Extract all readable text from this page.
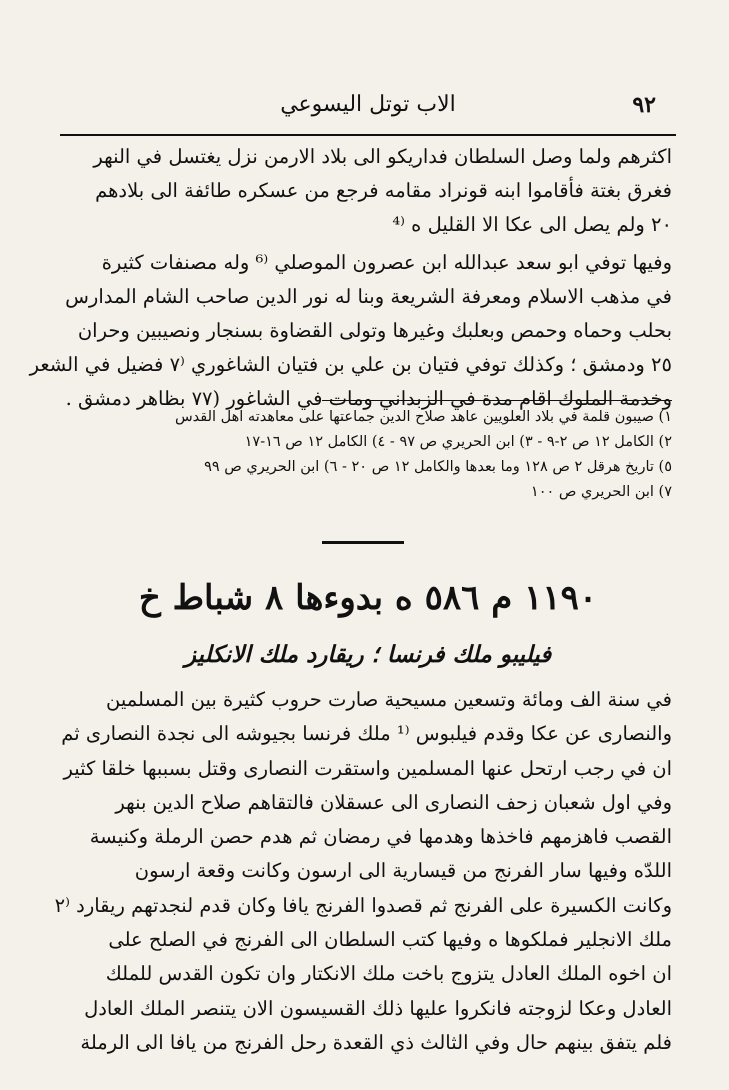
٩٢
الاب توتل اليسوعي
اكثرهم ولما وصل السلطان فداريكو الى بلاد الارمن نزل يغتسل في النهر
فغرق بغتة فأقاموا ابنه قونراد مقامه فرجع من عسكره طائفة الى بلادهم
٢٠ ولم يصل الى عكا الا القليل ه ⁽⁴
وفيها توفي ابو سعد عبدالله ابن عصرون الموصلي ⁽⁶ وله مصنفات كثيرة
في مذهب الاسلام ومعرفة الشريعة وبنا له نور الدين صاحب الشام المدارس
بحلب وحماه وحمص وبعلبك وغيرها وتولى القضاوة بسنجار ونصيبين وحران
٢٥ ودمشق ؛ وكذلك توفي فتيان بن علي بن فتيان الشاغوري ⁽٧ فضيل في الشعر
وخدمة الملوك اقام مدة في الزبداني ومات في الشاغور (٧٧ بظاهر دمشق .
١) صيبون قلمة في بلاد العلويين عاهد صلاح الدين جماعتها على معاهدته اهل القدس
٢) الكامل ١٢ ص ٢-٩ - ٣) ابن الحريري ص ٩٧ - ٤) الكامل ١٢ ص ١٦-١٧
٥) تاريخ هرقل ٢ ص ١٢٨ وما بعدها والكامل ١٢ ص ٢٠ - ٦) ابن الحريري ص ٩٩
٧) ابن الحريري ص ١٠٠
١١٩٠ م ٥٨٦ ه بدوءها ٨ شباط خ
فيليبو ملك فرنسا ؛ ريقارد ملك الانكليز
في سنة الف ومائة وتسعين مسيحية صارت حروب كثيرة بين المسلمين
والنصارى عن عكا وقدم فيلبوس ⁽¹ ملك فرنسا بجيوشه الى نجدة النصارى ثم
ان في رجب ارتحل عنها المسلمين واستقرت النصارى وقتل بسببها خلقا كثير
وفي اول شعبان زحف النصارى الى عسقلان فالتقاهم صلاح الدين بنهر
القصب فاهزمهم فاخذها وهدمها في رمضان ثم هدم حصن الرملة وكنيسة
اللدّه وفيها سار الفرنج من قيسارية الى ارسون وكانت وقعة ارسون
وكانت الكسيرة على الفرنج ثم قصدوا الفرنج يافا وكان قدم لنجدتهم ريقارد ⁽٢
ملك الانجلير فملكوها ه وفيها كتب السلطان الى الفرنج في الصلح على
ان اخوه الملك العادل يتزوج باخت ملك الانكتار وان تكون القدس للملك
العادل وعكا لزوجته فانكروا عليها ذلك القسيسون الان يتنصر الملك العادل
فلم يتفق بينهم حال وفي الثالث ذي القعدة رحل الفرنج من يافا الى الرملة
